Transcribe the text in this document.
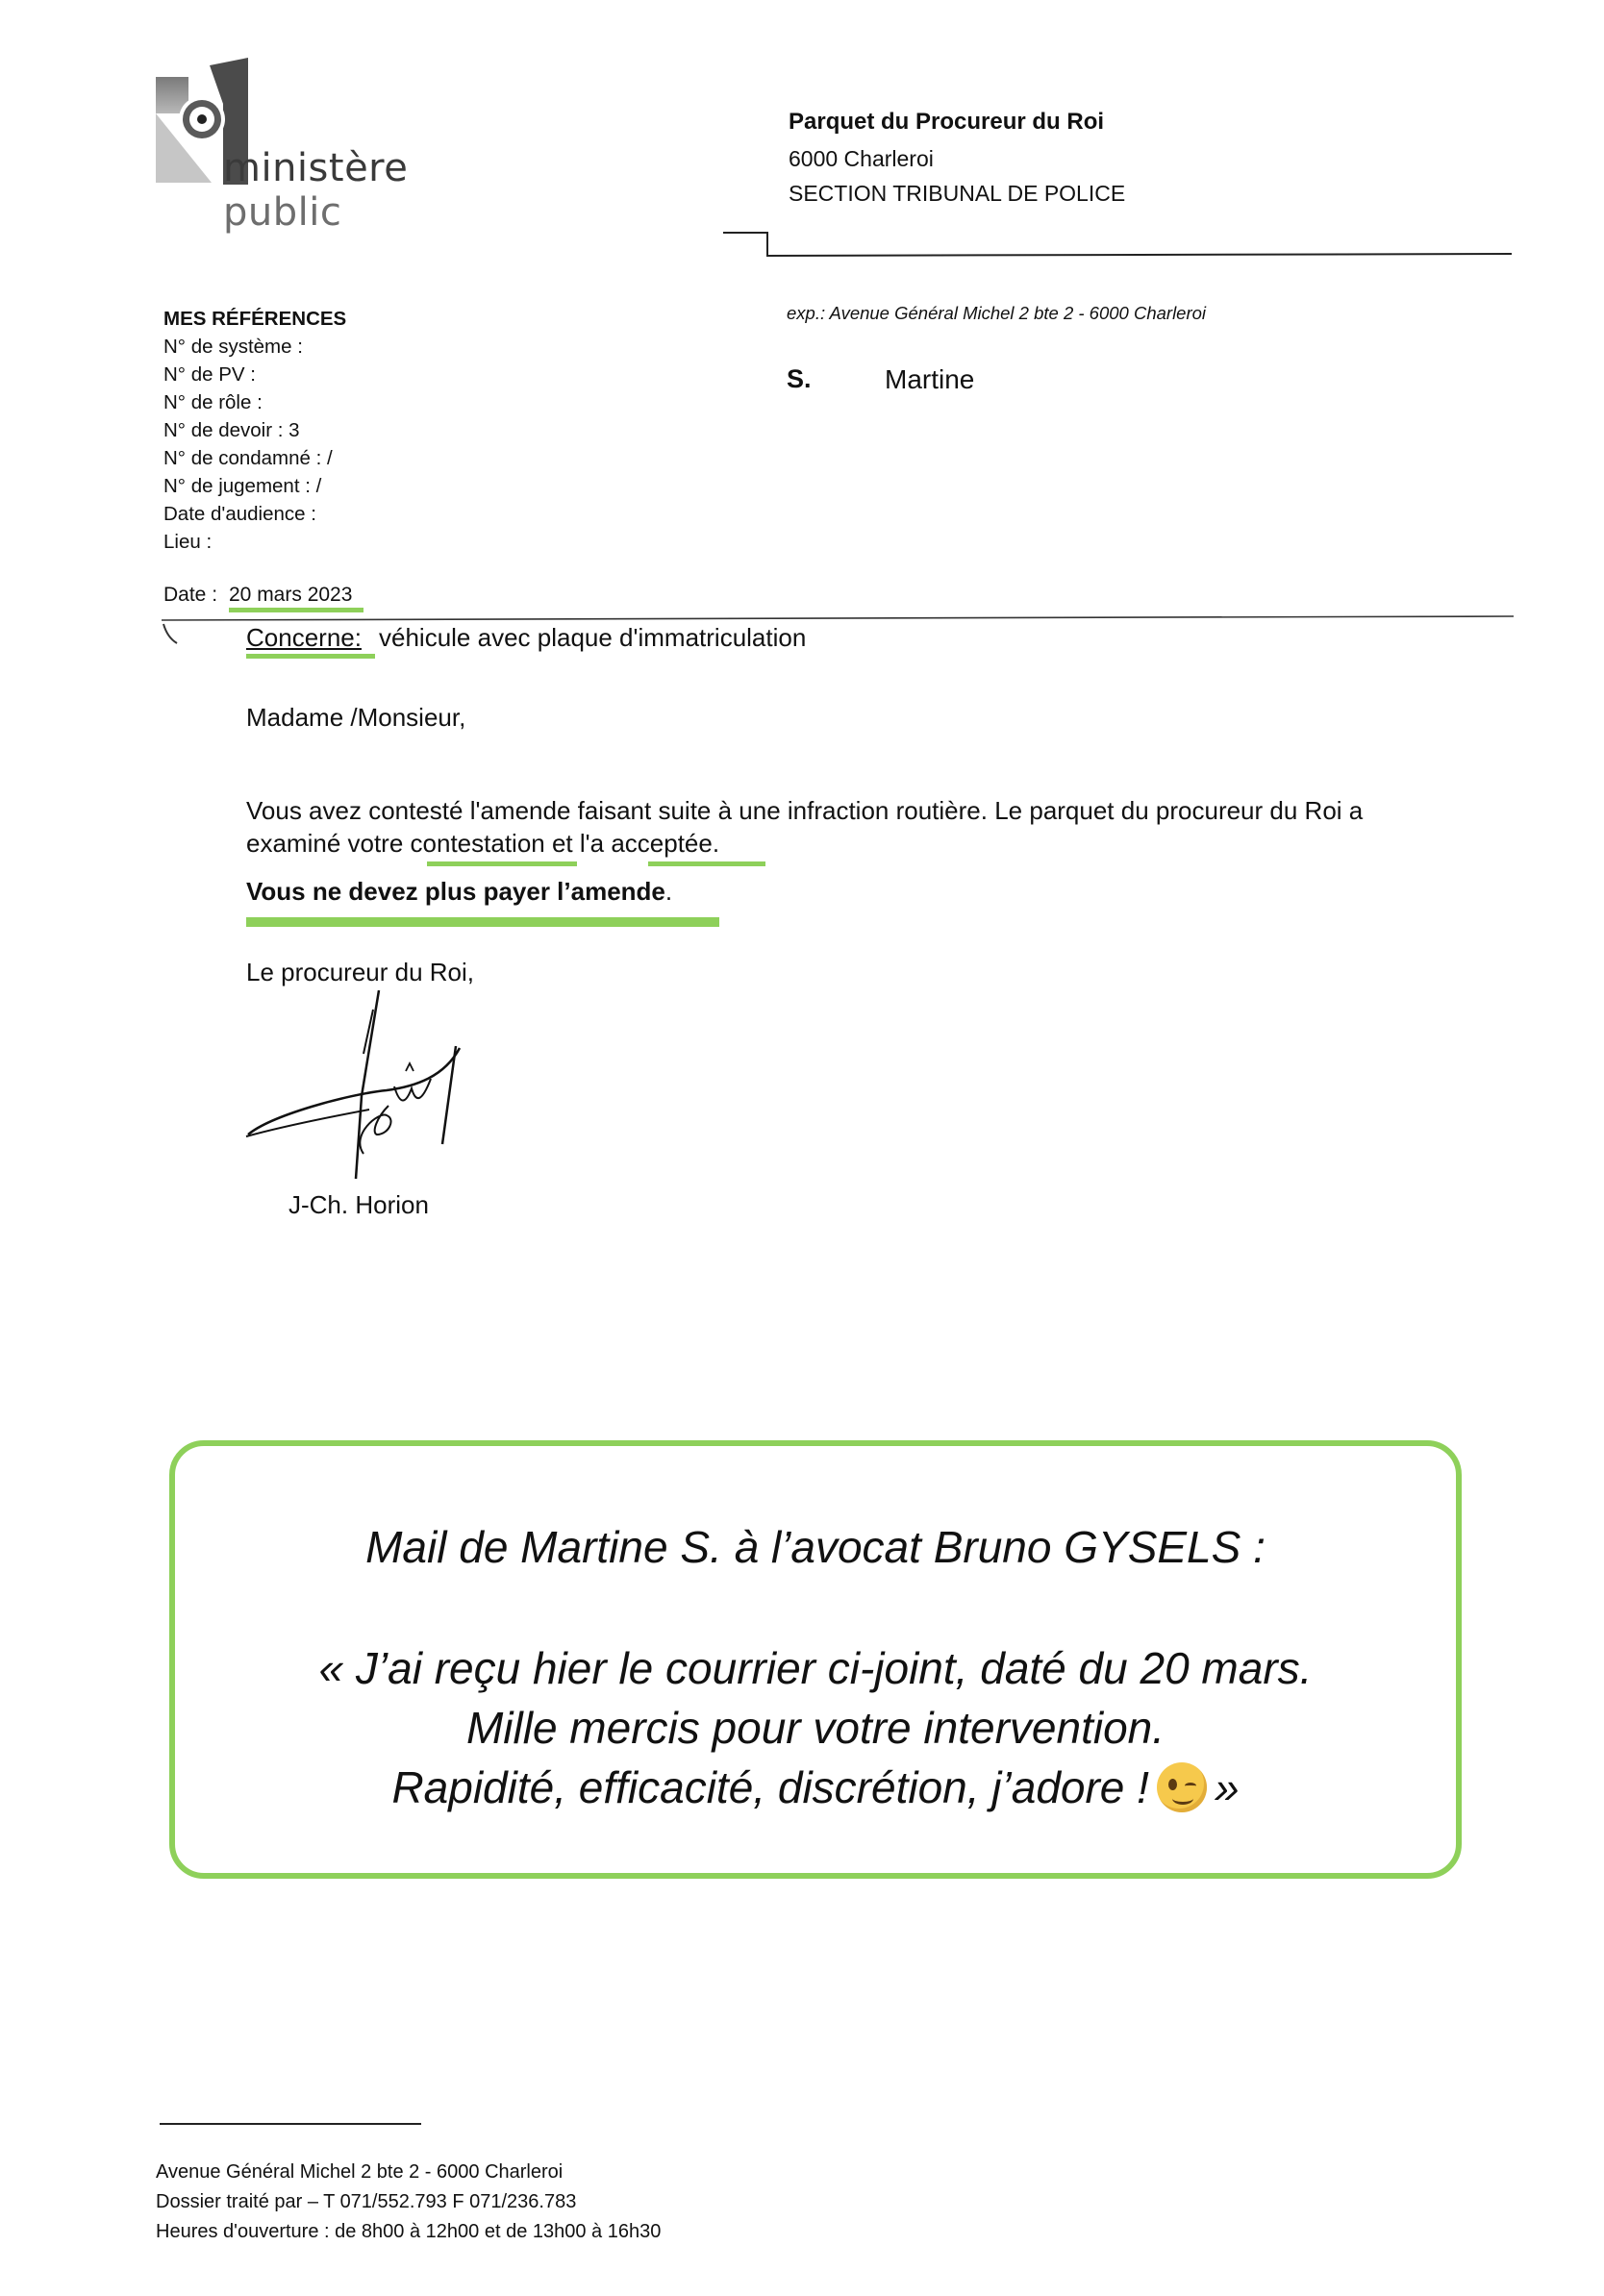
ministère
public
Parquet du Procureur du Roi
6000 Charleroi
SECTION TRIBUNAL DE POLICE
MES RÉFÉRENCES
N° de système :
N° de PV :
N° de rôle :
N° de devoir : 3
N° de condamné : /
N° de jugement : /
Date d'audience :
Lieu :
exp.: Avenue Général Michel 2 bte 2 - 6000 Charleroi
S.	Martine
Date : 20 mars 2023
Concerne: véhicule avec plaque d'immatriculation
Madame /Monsieur,
Vous avez contesté l'amende faisant suite à une infraction routière. Le parquet du procureur du Roi a
examiné votre contestation et l'a acceptée.
Vous ne devez plus payer l’amende.
Le procureur du Roi,
J-Ch. Horion
Mail de Martine S. à l’avocat Bruno GYSELS :
« J’ai reçu hier le courrier ci-joint, daté du 20 mars.
Mille mercis pour votre intervention.
Rapidité, efficacité, discrétion, j’adore ! »
Avenue Général Michel 2 bte 2 - 6000 Charleroi
Dossier traité par – T 071/552.793 F 071/236.783
Heures d'ouverture : de 8h00 à 12h00 et de 13h00 à 16h30
